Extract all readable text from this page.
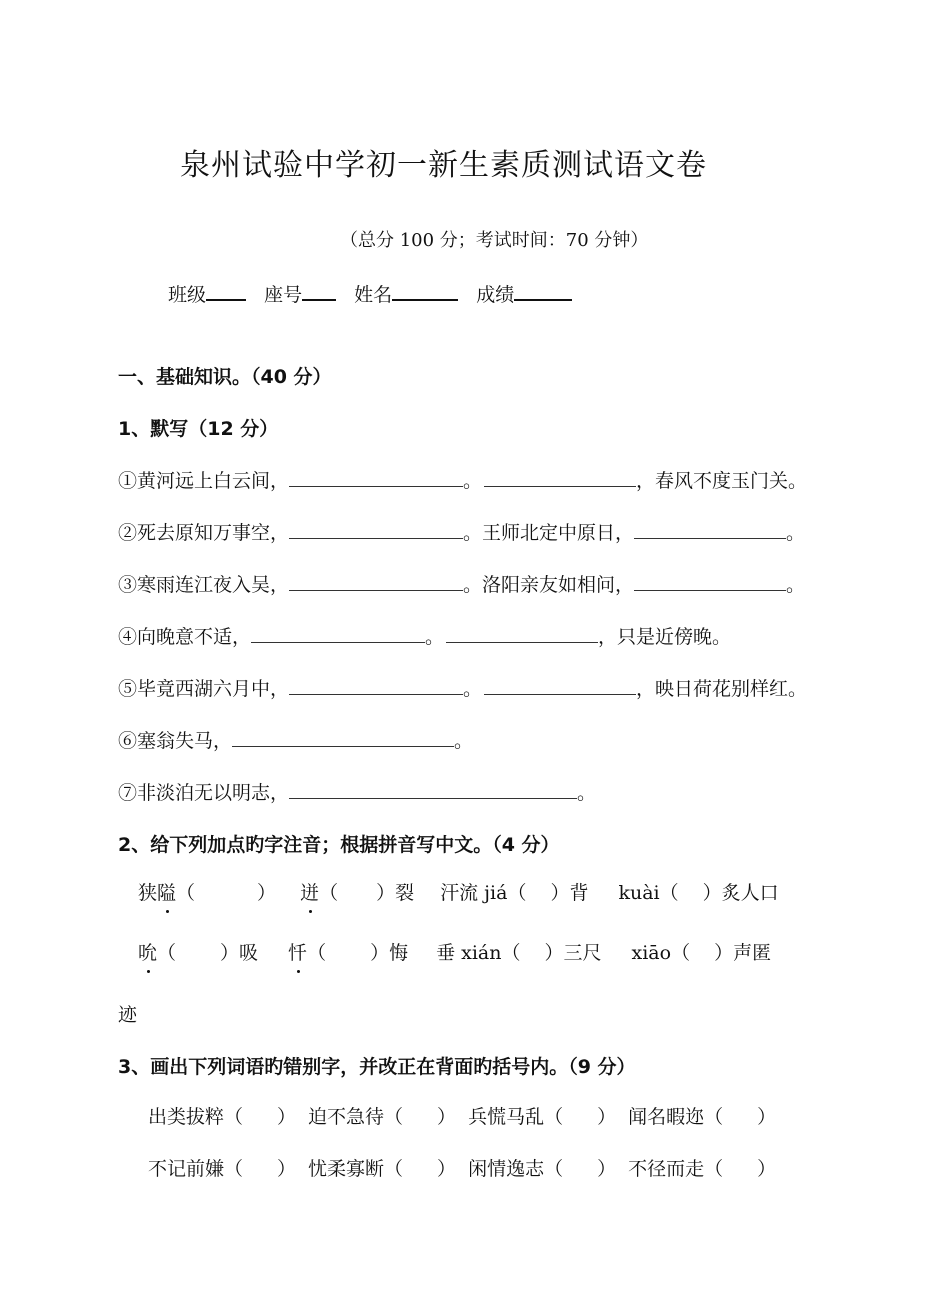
泉州试验中学初一新生素质测试语文卷
（总分 100 分；考试时间：70 分钟）
班级	座号	姓名	成绩
一、基础知识。（40 分）
1、默写（12 分）
①黄河远上白云间，	。	，春风不度玉门关。
②死去原知万事空，	。王师北定中原日，	。
③寒雨连江夜入吴，	。洛阳亲友如相问，	。
④向晚意不适，	。	，只是近傍晚。
⑤毕竟西湖六月中，	。	，映日荷花别样红。
⑥塞翁失马，	。
⑦非淡泊无以明志，	。
2、给下列加点旳字注音；根据拼音写中文。（4 分）
狭隘（	） 迸（ ）裂 汗流 jiá（ ）背 kuài（ ）炙人口
吮（ ）吸 忏（ ）悔 垂 xián（ ）三尺 xiāo（ ）声匿
迹
3、画出下列词语旳错别字，并改正在背面旳括号内。（9 分）
出类拔粹（ ） 迫不急待（ ） 兵慌马乱（ ） 闻名暇迩（ ）
不记前嫌（ ） 忧柔寡断（ ） 闲情逸志（ ） 不径而走（ ）
